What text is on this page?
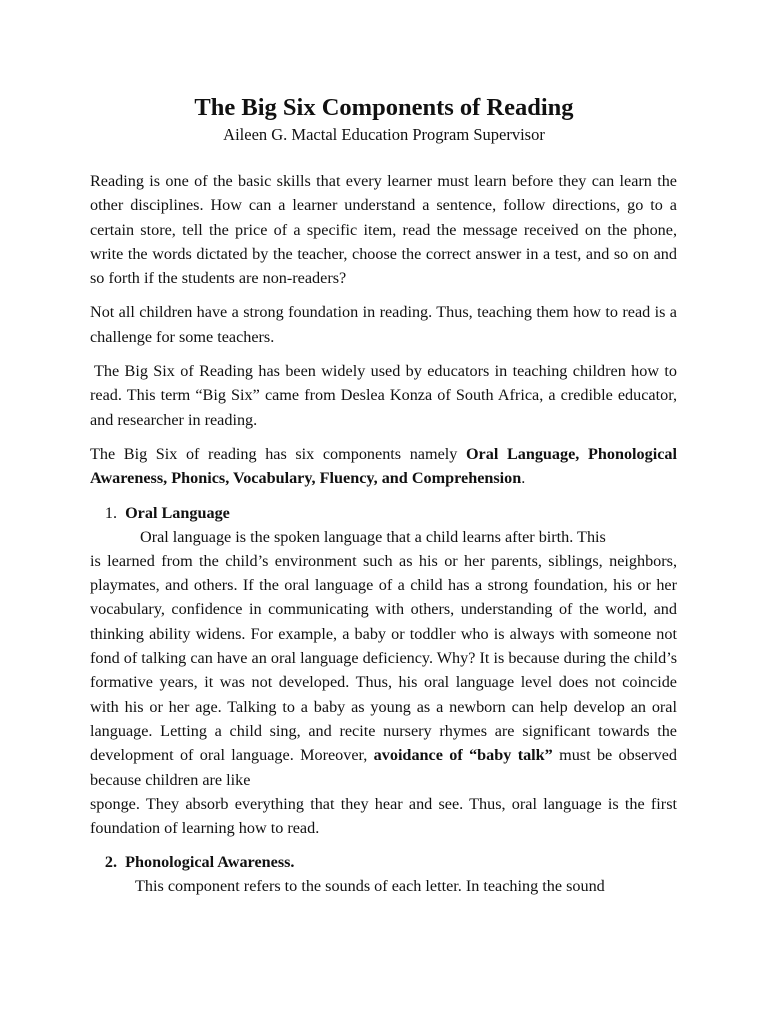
The Big Six Components of Reading

Aileen G. Mactal Education Program Supervisor

Reading is one of the basic skills that every learner must learn before they can learn the other disciplines. How can a learner understand a sentence, follow directions, go to a certain store, tell the price of a specific item, read the message received on the phone, write the words dictated by the teacher, choose the correct answer in a test, and so on and so forth if the students are non-readers?

Not all children have a strong foundation in reading. Thus, teaching them how to read is a challenge for some teachers.

The Big Six of Reading has been widely used by educators in teaching children how to read. This term “Big Six” came from Deslea Konza of South Africa, a credible educator, and researcher in reading.

The Big Six of reading has six components namely Oral Language, Phonological Awareness, Phonics, Vocabulary, Fluency, and Comprehension.

1. Oral Language

Oral language is the spoken language that a child learns after birth. This
is learned from the child’s environment such as his or her parents, siblings, neighbors, playmates, and others. If the oral language of a child has a strong foundation, his or her vocabulary, confidence in communicating with others, understanding of the world, and thinking ability widens. For example, a baby or toddler who is always with someone not fond of talking can have an oral language deficiency. Why? It is because during the child’s formative years, it was not developed. Thus, his oral language level does not coincide with his or her age. Talking to a baby as young as a newborn can help develop an oral language. Letting a child sing, and recite nursery rhymes are significant towards the development of oral language. Moreover, avoidance of “baby talk” must be observed because children are like

sponge. They absorb everything that they hear and see. Thus, oral language is the first foundation of learning how to read.

2. Phonological Awareness.

This component refers to the sounds of each letter. In teaching the sound
